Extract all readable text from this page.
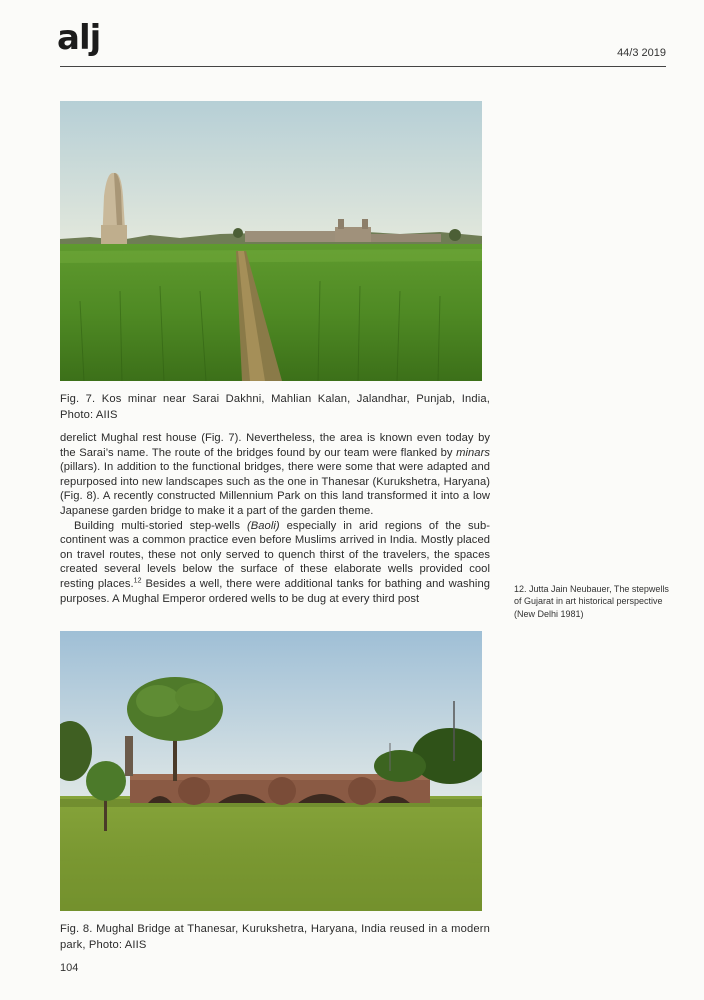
alj	44/3 2019
Fig. 7. Kos minar near Sarai Dakhni, Mahlian Kalan, Jalandhar, Punjab, India, Photo: AIIS

derelict Mughal rest house (Fig. 7). Nevertheless, the area is known even today by the Sarai’s name. The route of the bridges found by our team were flanked by minars (pillars). In addition to the functional bridges, there were some that were adapted and repurposed into new landscapes such as the one in Thanesar (Kurukshetra, Haryana) (Fig. 8). A recently constructed Millennium Park on this land transformed it into a low Japanese garden bridge to make it a part of the garden theme.

Building multi-storied step-wells (Baoli) especially in arid regions of the sub-continent was a common practice even before Muslims arrived in India. Mostly placed on travel routes, these not only served to quench thirst of the travelers, the spaces created several levels below the surface of these elaborate wells provided cool resting places.$^{12}$ Besides a well, there were additional tanks for bathing and washing purposes. A Mughal Emperor ordered wells to be dug at every third post

12. Jutta Jain Neubauer, The stepwells of Gujarat in art historical perspective (New Delhi 1981)
Fig. 8. Mughal Bridge at Thanesar, Kurukshetra, Haryana, India reused in a modern park, Photo: AIIS
104
